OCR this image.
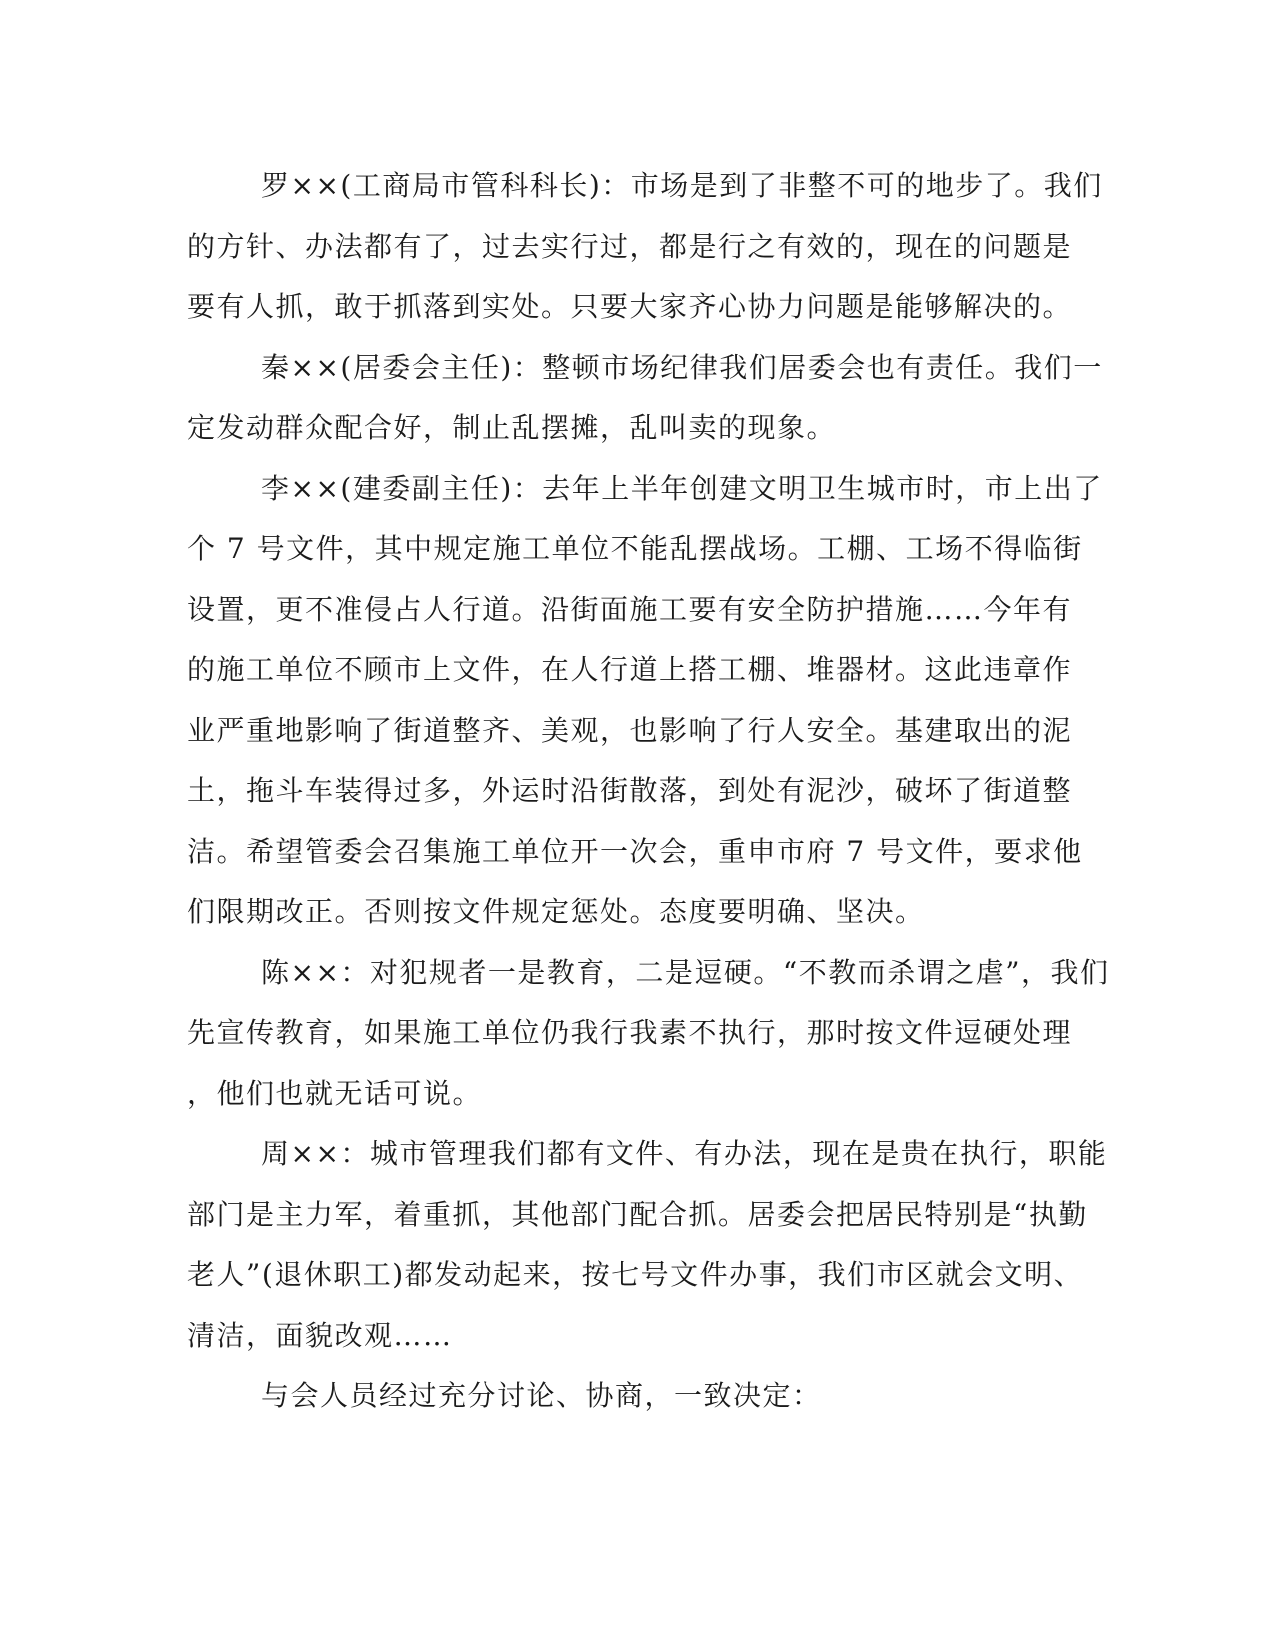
罗××(工商局市管科科长)：市场是到了非整不可的地步了。我们
的方针、办法都有了，过去实行过，都是行之有效的，现在的问题是
要有人抓，敢于抓落到实处。只要大家齐心协力问题是能够解决的。
秦××(居委会主任)：整顿市场纪律我们居委会也有责任。我们一
定发动群众配合好，制止乱摆摊，乱叫卖的现象。
李××(建委副主任)：去年上半年创建文明卫生城市时，市上出了
个 7 号文件，其中规定施工单位不能乱摆战场。工棚、工场不得临街
设置，更不准侵占人行道。沿街面施工要有安全防护措施……今年有
的施工单位不顾市上文件，在人行道上搭工棚、堆器材。这此违章作
业严重地影响了街道整齐、美观，也影响了行人安全。基建取出的泥
土，拖斗车装得过多，外运时沿街散落，到处有泥沙，破坏了街道整
洁。希望管委会召集施工单位开一次会，重申市府 7 号文件，要求他
们限期改正。否则按文件规定惩处。态度要明确、坚决。
陈××：对犯规者一是教育，二是逗硬。“不教而杀谓之虐”，我们
先宣传教育，如果施工单位仍我行我素不执行，那时按文件逗硬处理
，他们也就无话可说。
周××：城市管理我们都有文件、有办法，现在是贵在执行，职能
部门是主力军，着重抓，其他部门配合抓。居委会把居民特别是“执勤
老人”(退休职工)都发动起来，按七号文件办事，我们市区就会文明、
清洁，面貌改观……
与会人员经过充分讨论、协商，一致决定：
